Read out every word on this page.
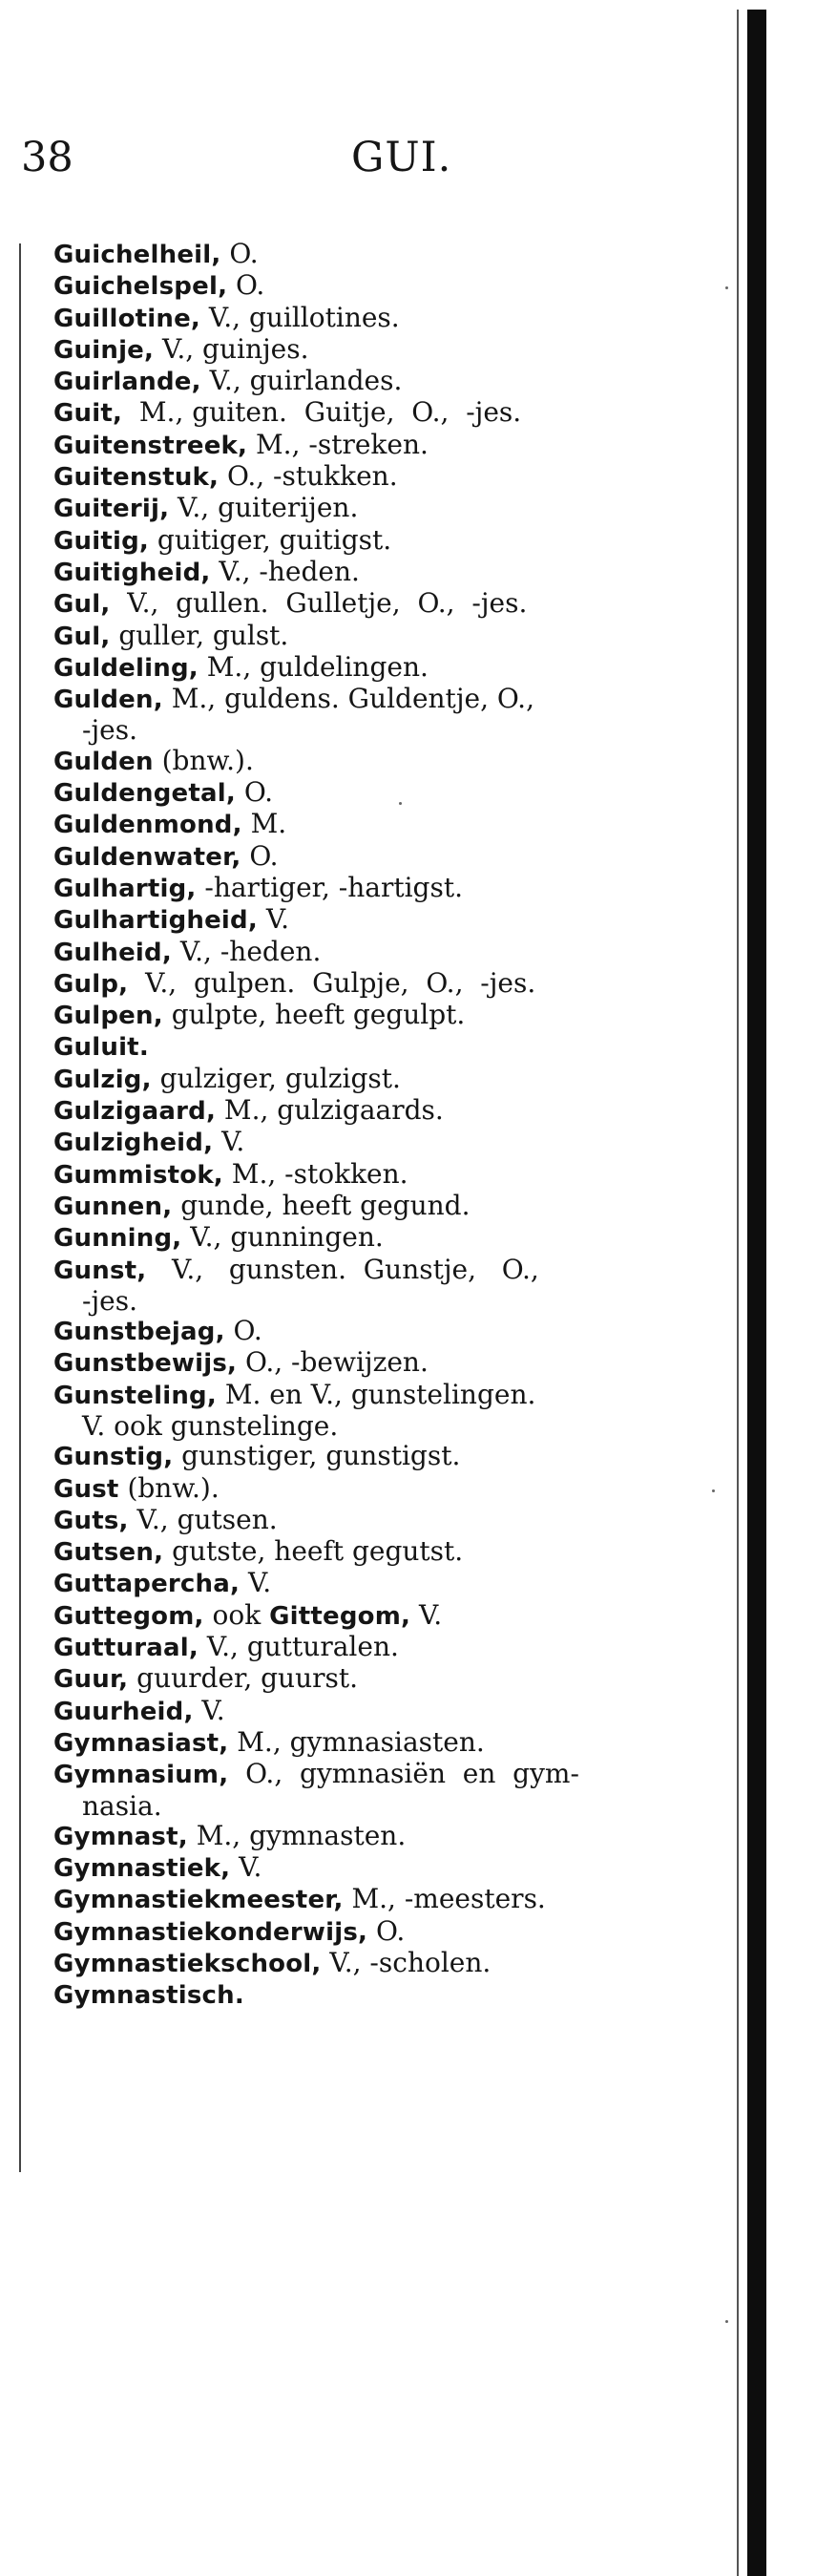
38	GUI.
Guichelheil, O.
Guichelspel, O.
Guillotine, V., guillotines.
Guinje, V., guinjes.
Guirlande, V., guirlandes.
Guit,  M., guiten.  Guitje,  O.,  -jes.
Guitenstreek, M., -streken.
Guitenstuk, O., -stukken.
Guiterij, V., guiterijen.
Guitig, guitiger, guitigst.
Guitigheid, V., -heden.
Gul,  V.,  gullen.  Gulletje,  O.,  -jes.
Gul, guller, gulst.
Guldeling, M., guldelingen.
Gulden, M., guldens. Guldentje, O.,
-jes.
Gulden (bnw.).
Guldengetal, O.
Guldenmond, M.
Guldenwater, O.
Gulhartig, -hartiger, -hartigst.
Gulhartigheid, V.
Gulheid, V., -heden.
Gulp,  V.,  gulpen.  Gulpje,  O.,  -jes.
Gulpen, gulpte, heeft gegulpt.
Guluit.
Gulzig, gulziger, gulzigst.
Gulzigaard, M., gulzigaards.
Gulzigheid, V.
Gummistok, M., -stokken.
Gunnen, gunde, heeft gegund.
Gunning, V., gunningen.
Gunst,   V.,   gunsten.  Gunstje,   O.,
-jes.
Gunstbejag, O.
Gunstbewijs, O., -bewijzen.
Gunsteling, M. en V., gunstelingen.
V. ook gunstelinge.
Gunstig, gunstiger, gunstigst.
Gust (bnw.).
Guts, V., gutsen.
Gutsen, gutste, heeft gegutst.
Guttapercha, V.
Guttegom, ook Gittegom, V.
Gutturaal, V., gutturalen.
Guur, guurder, guurst.
Guurheid, V.
Gymnasiast, M., gymnasiasten.
Gymnasium,  O.,  gymnasiën  en  gym-
nasia.
Gymnast, M., gymnasten.
Gymnastiek, V.
Gymnastiekmeester, M., -meesters.
Gymnastiekonderwijs, O.
Gymnastiekschool, V., -scholen.
Gymnastisch.
